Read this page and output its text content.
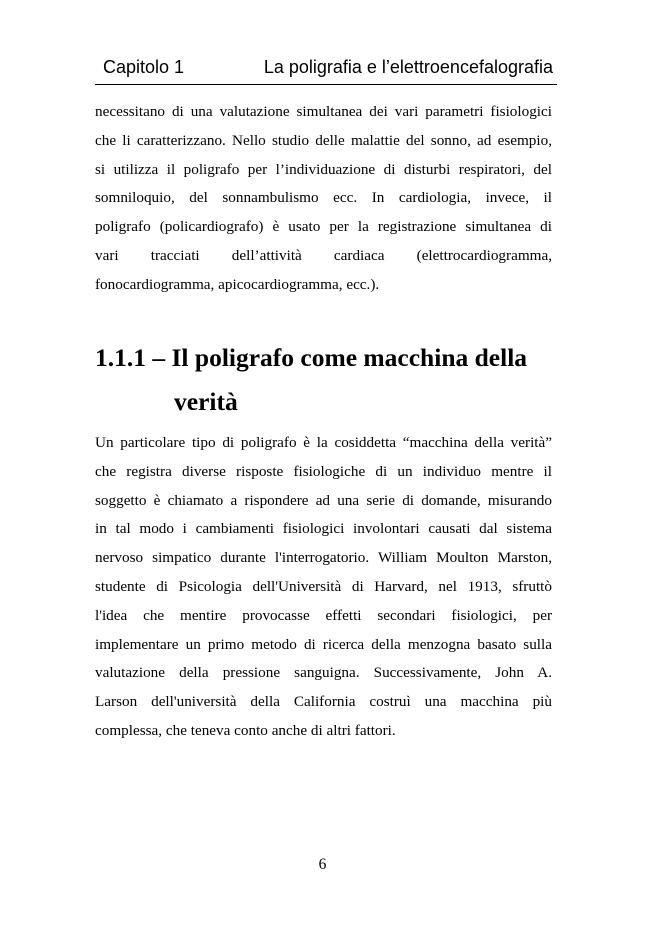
Capitolo 1	La poligrafia e l’elettroencefalografia

necessitano di una valutazione simultanea dei vari parametri fisiologici
che li caratterizzano. Nello studio delle malattie del sonno, ad esempio,
si utilizza il poligrafo per l’individuazione di disturbi respiratori, del
somniloquio, del sonnambulismo ecc. In cardiologia, invece, il
poligrafo (policardiografo) è usato per la registrazione simultanea di
vari tracciati dell’attività cardiaca (elettrocardiogramma,
fonocardiogramma, apicocardiogramma, ecc.).

1.1.1 – Il poligrafo come macchina della
verità

Un particolare tipo di poligrafo è la cosiddetta “macchina della verità”
che registra diverse risposte fisiologiche di un individuo mentre il
soggetto è chiamato a rispondere ad una serie di domande, misurando
in tal modo i cambiamenti fisiologici involontari causati dal sistema
nervoso simpatico durante l'interrogatorio. William Moulton Marston,
studente di Psicologia dell'Università di Harvard, nel 1913, sfruttò
l'idea che mentire provocasse effetti secondari fisiologici, per
implementare un primo metodo di ricerca della menzogna basato sulla
valutazione della pressione sanguigna. Successivamente, John A.
Larson dell'università della California costruì una macchina più
complessa, che teneva conto anche di altri fattori.

6
